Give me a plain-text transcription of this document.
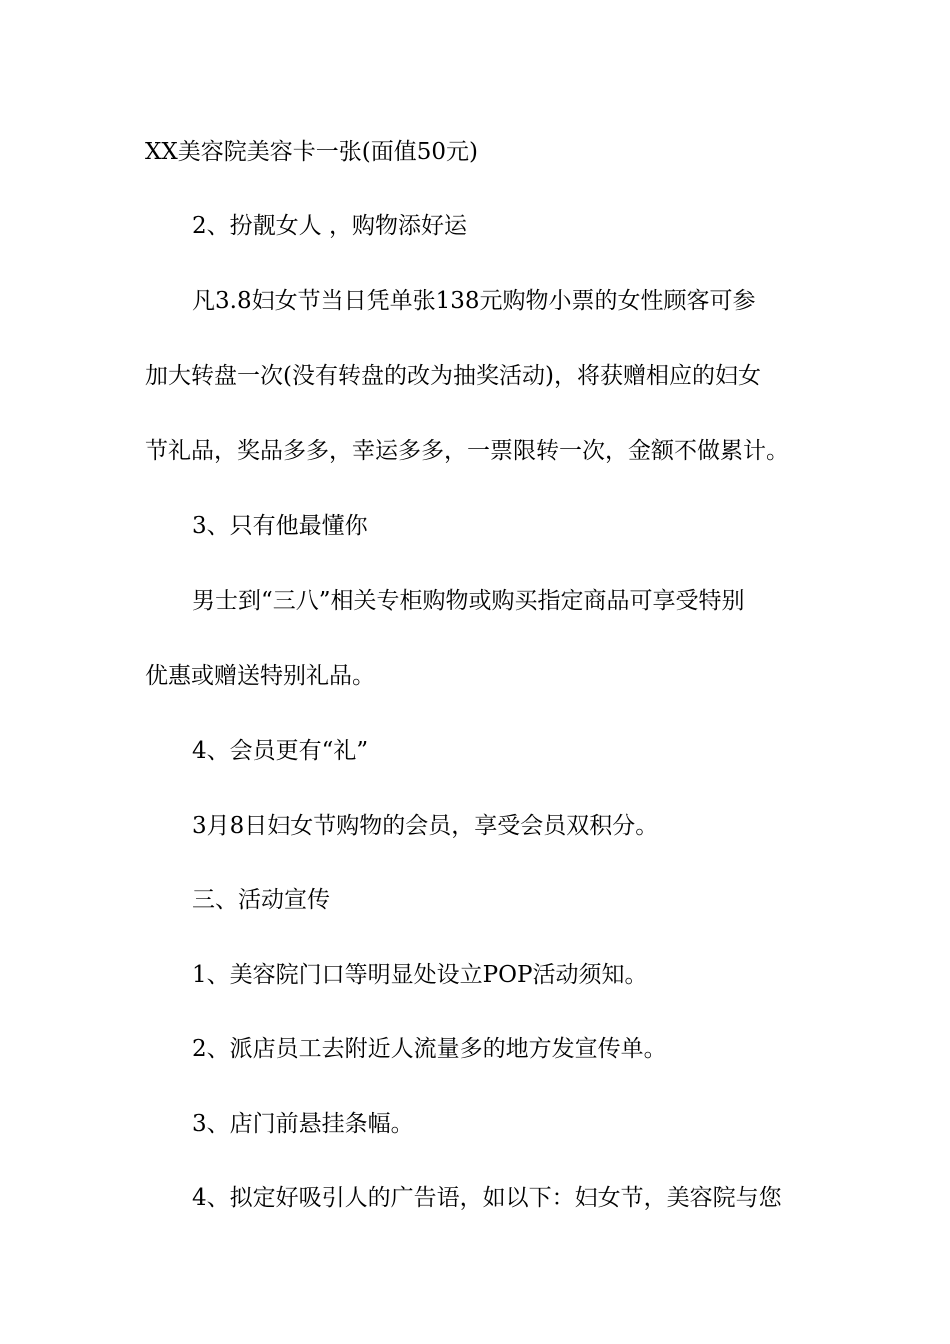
XX美容院美容卡一张(面值50元)
2、扮靓女人 ，购物添好运
凡3.8妇女节当日凭单张138元购物小票的女性顾客可参
加大转盘一次(没有转盘的改为抽奖活动)，将获赠相应的妇女
节礼品，奖品多多，幸运多多，一票限转一次，金额不做累计。
3、只有他最懂你
男士到“三八”相关专柜购物或购买指定商品可享受特别
优惠或赠送特别礼品。
4、会员更有“礼”
3月8日妇女节购物的会员，享受会员双积分。
三、活动宣传
1、美容院门口等明显处设立POP活动须知。
2、派店员工去附近人流量多的地方发宣传单。
3、店门前悬挂条幅。
4、拟定好吸引人的广告语，如以下：妇女节，美容院与您
